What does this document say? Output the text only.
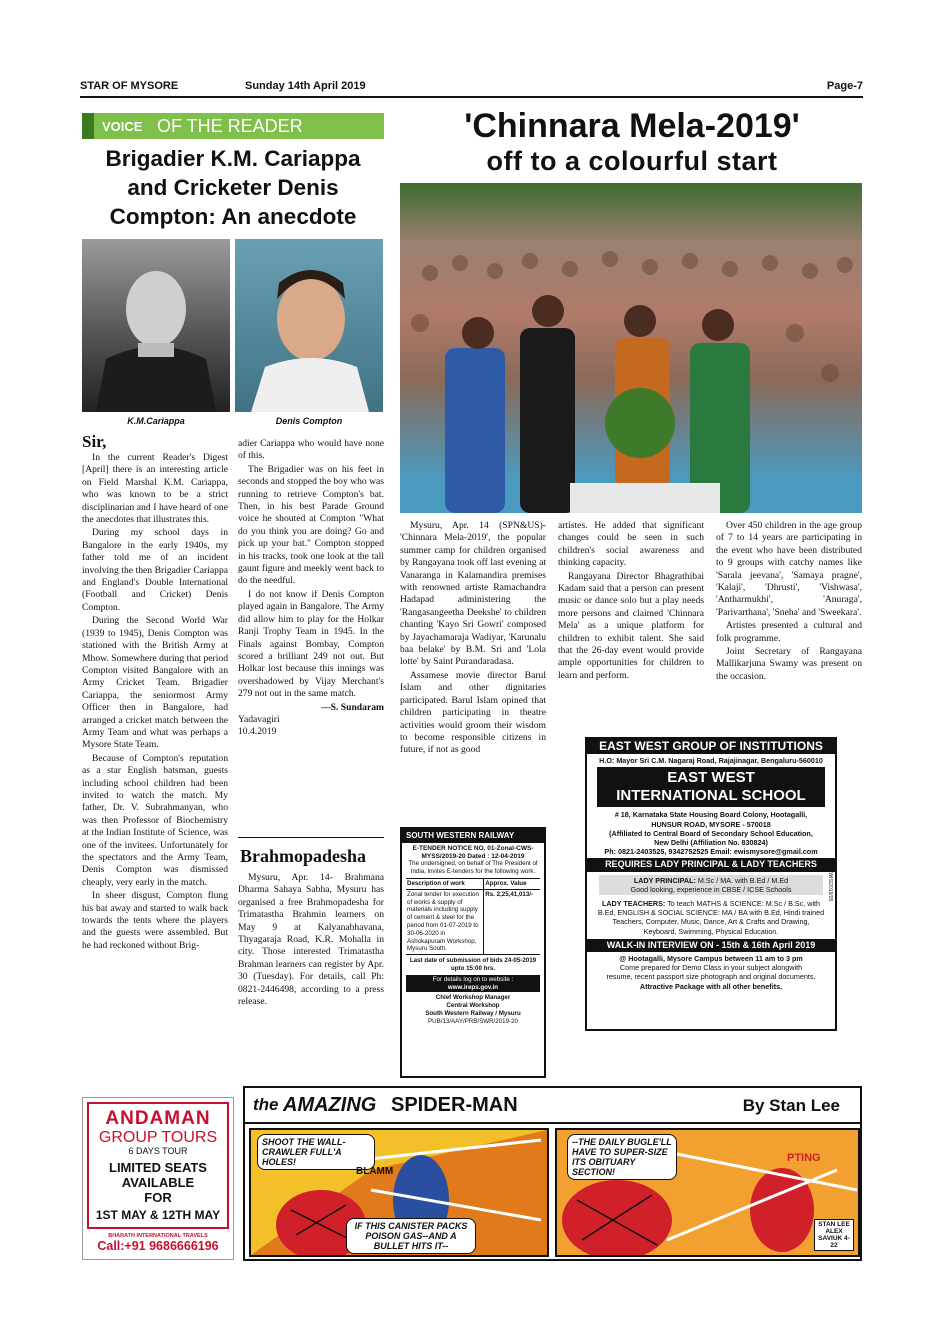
STAR OF MYSORE	Sunday 14th April 2019	Page-7
VOICE OF THE READER
Brigadier K.M. Cariappa
and Cricketer Denis
Compton: An anecdote
K.M.Cariappa	Denis Compton
Sir,

In the current Reader's Digest [April] there is an interesting article on Field Marshal K.M. Cariappa, who was known to be a strict disciplinarian and I have heard of one the anecdotes that illustrates this.

During my school days in Bangalore in the early 1940s, my father told me of an incident involving the then Brigadier Cariappa and England's Double International (Football and Cricket) Denis Compton.

During the Second World War (1939 to 1945), Denis Compton was stationed with the British Army at Mhow. Somewhere during that period Compton visited Bangalore with an Army Cricket Team. Brigadier Cariappa, the seniormost Army Officer then in Bangalore, had arranged a cricket match between the Army Team and what was perhaps a Mysore State Team.

Because of Compton's reputation as a star English batsman, guests including school children had been invited to watch the match. My father, Dr. V. Subrahmanyan, who was then Professor of Biochemistry at the Indian Institute of Science, was one of the invitees. Unfortunately for the spectators and the Army Team, Denis Compton was dismissed cheaply, very early in the match.

In sheer disgust, Compton flung his bat away and started to walk back towards the tents where the players and the guests were assembled. But he had reckoned without Brig-

adier Cariappa who would have none of this.

The Brigadier was on his feet in seconds and stopped the boy who was running to retrieve Compton's bat. Then, in his best Parade Ground voice he shouted at Compton "What do you think you are doing? Go and pick up your bat." Compton stopped in his tracks, took one look at the tall gaunt figure and meekly went back to do the needful.

I do not know if Denis Compton played again in Bangalore. The Army did allow him to play for the Holkar Ranji Trophy Team in 1945. In the Finals against Bombay, Compton scored a brilliant 249 not out. But Holkar lost because this innings was overshadowed by Vijay Merchant's 279 not out in the same match.

—S. Sundaram
Yadavagiri
10.4.2019
Brahmopadesha

Mysuru, Apr. 14- Brahmana Dharma Sahaya Sabha, Mysuru has organised a free Brahmopadesha for Trimatastha Brahmin learners on May 9 at Kalyanabhavana, Thyagaraja Road, K.R. Mohalla in city. Those interested Trimatastha Brahman learners can register by Apr. 30 (Tuesday). For details, call Ph: 0821-2446498, according to a press release.

'Chinnara Mela-2019'
off to a colourful start

Mysuru, Apr. 14 (SPN&US)- 'Chinnara Mela-2019', the popular summer camp for children organised by Rangayana took off last evening at Vanaranga in Kalamandira premises with renowned artiste Ramachandra Hadapad administering the 'Rangasangeetha Deekshe' to children chanting 'Kayo Sri Gowri' composed by Jayachamaraja Wadiyar, 'Karunalu baa belake' by B.M. Sri and 'Lola lotte' by Saint Purandaradasa.

Assamese movie director Barul Islam and other dignitaries participated. Barul Islam opined that children participating in theatre activities would groom their wisdom to become responsible citizens in future, if not as good

artistes. He added that significant changes could be seen in such children's social awareness and thinking capacity.

Rangayana Director Bhagrathibai Kadam said that a person can present music or dance solo but a play needs more persons and claimed 'Chinnara Mela' as a unique platform for children to exhibit talent. She said that the 26-day event would provide ample opportunities for children to learn and perform.

Over 450 children in the age group of 7 to 14 years are participating in the event who have been distributed to 9 groups with catchy names like 'Sarala jeevana', 'Samaya pragne', 'Kalaji', 'Dhrusti', 'Vishwasa', 'Antharmukhi', 'Anuraga', 'Parivarthana', 'Sneha' and 'Sweekara'.

Artistes presented a cultural and folk programme.

Joint Secretary of Rangayana Mallikarjuna Swamy was present on the occasion.

SOUTH WESTERN RAILWAY
E-TENDER NOTICE NO. 01-Zonal-CWS-MYSS/2019-20 Dated : 12-04-2019
The undersigned, on behalf of The President of India, invites E-tenders for the following work.
Description of work	Approx. Value
Zonal tender for execution of works & supply of materials including supply of cement & steel for the period from 01-07-2019 to 30-06-2020 in Ashokapuram Workshop, Mysuru South.
Rs. 2,25,41,013/-
Last date of submission of bids 24-05-2019 upto 15:00 hrs.
For details log on to website :
www.ireps.gov.in
Chief Workshop Manager
Central Workshop
South Western Railway / Mysuru
PUB/13/AAY/PRB/SWR/2019-20
EAST WEST GROUP OF INSTITUTIONS
H.O: Mayor Sri C.M. Nagaraj Road, Rajajinagar, Bengaluru-560010
EAST WEST
INTERNATIONAL SCHOOL
# 18, Karnataka State Housing Board Colony, Hootagalli,
HUNSUR ROAD, MYSORE - 570018
(Affiliated to Central Board of Secondary School Education,
New Delhi (Affiliation No. 830824)
Ph: 0821-2403525, 9342752525 Email: ewismysore@gmail.com
REQUIRES LADY PRINCIPAL & LADY TEACHERS
LADY PRINCIPAL: M.Sc / MA. with B.Ed / M.Ed
Good looking, experience in CBSE / ICSE Schools
LADY TEACHERS: To teach MATHS & SCIENCE: M.Sc / B.Sc, with B.Ed, ENGLISH & SOCIAL SCIENCE: MA / BA with B.Ed, Hindi trained Teachers, Computer, Music, Dance, Art & Crafts and Drawing, Keyboard, Swimming, Physical Education.
WALK-IN INTERVIEW ON - 15th & 16th April 2019
@ Hootagalli, Mysore Campus between 11 am to 3 pm
Come prepared for Demo Class in your subject alongwith
resume, recent passport size photograph and original documents.
Attractive Package with all other benefits.
EWIS/2019/05
ANDAMAN
GROUP TOURS
6 DAYS TOUR
LIMITED SEATS
AVAILABLE
FOR
1ST MAY & 12TH MAY
BHARATH INTERNATIONAL TRAVELS
Call:+91 9686666196
the AMAZING SPIDER-MAN	By Stan Lee
SHOOT THE WALL-CRAWLER FULL'A HOLES!
BLAMM
IF THIS CANISTER PACKS POISON GAS--AND A BULLET HITS IT--
--THE DAILY BUGLE'LL HAVE TO SUPER-SIZE ITS OBITUARY SECTION!
PTING
STAN LEE ALEX SAVIUK 4-22
